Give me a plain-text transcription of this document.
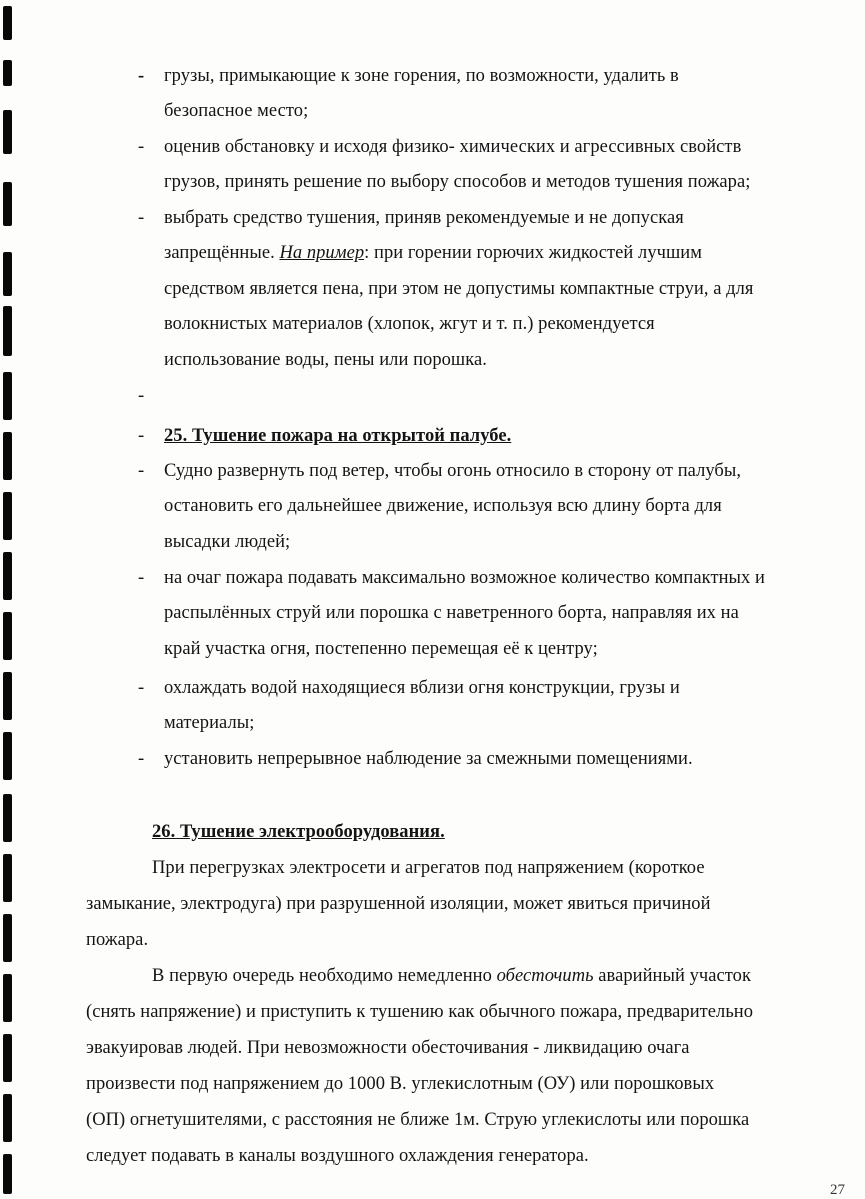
- грузы, примыкающие к зоне горения, по возможности, удалить в
безопасное место;
- оценив обстановку и исходя физико- химических и агрессивных свойств
грузов, принять решение по выбору способов и методов тушения пожара;
- выбрать средство тушения, приняв рекомендуемые и не допуская
запрещённые. На пример: при горении горючих жидкостей лучшим
средством является пена, при этом не допустимы компактные струи, а для
волокнистых материалов (хлопок, жгут и т. п.) рекомендуется
использование воды, пены или порошка.
-
- 25. Тушение пожара на открытой палубе.
- Судно развернуть под ветер, чтобы огонь относило в сторону от палубы,
остановить его дальнейшее движение, используя всю длину борта для
высадки людей;
- на очаг пожара подавать максимально возможное количество компактных и
распылённых струй или порошка с наветренного борта, направляя их на
край участка огня, постепенно перемещая её к центру;
- охлаждать водой находящиеся вблизи огня конструкции, грузы и
материалы;
- установить непрерывное наблюдение за смежными помещениями.
26. Тушение электрооборудования.
При перегрузках электросети и агрегатов под напряжением (короткое
замыкание, электродуга) при разрушенной изоляции, может явиться причиной
пожара.
В первую очередь необходимо немедленно обесточить аварийный участок
(снять напряжение) и приступить к тушению как обычного пожара, предварительно
эвакуировав людей. При невозможности обесточивания - ликвидацию очага
произвести под напряжением до 1000 В. углекислотным (ОУ) или порошковых
(ОП) огнетушителями, с расстояния не ближе 1м. Струю углекислоты или порошка
следует подавать в каналы воздушного охлаждения генератора.
27
